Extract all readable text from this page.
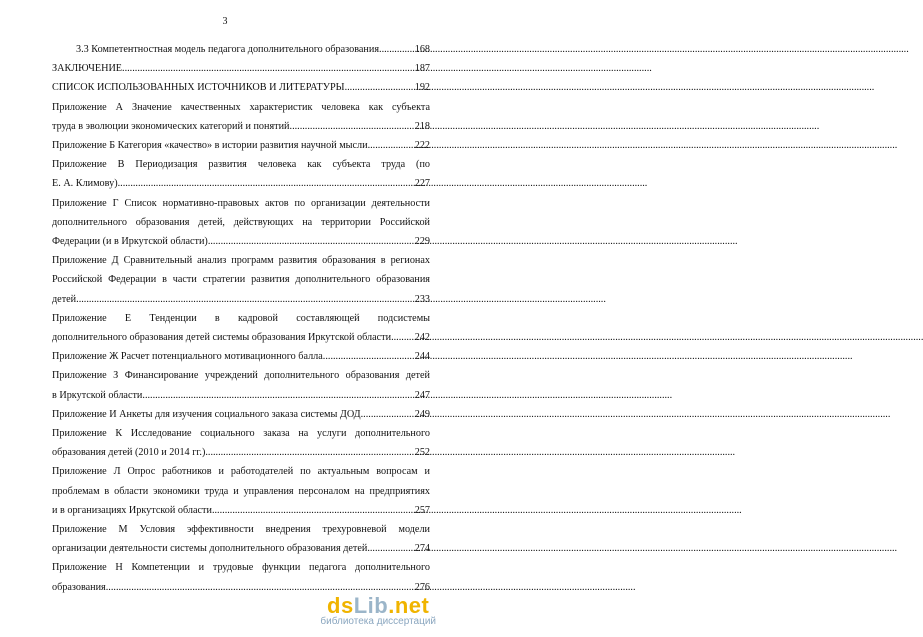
3
3.3 Компетентностная модель педагога дополнительного образования .....	168
ЗАКЛЮЧЕНИЕ .....	187
СПИСОК ИСПОЛЬЗОВАННЫХ ИСТОЧНИКОВ И ЛИТЕРАТУРЫ .....	192
Приложение А Значение качественных характеристик человека как субъекта
труда в эволюции экономических категорий и понятий .....	218
Приложение Б Категория «качество» в истории развития научной мысли .....	222
Приложение В Периодизация развития человека как субъекта труда (по
Е. А. Климову) .....	227
Приложение Г Список нормативно-правовых актов по организации деятельности
дополнительного образования детей, действующих на территории Российской
Федерации (и в Иркутской области) .....	229
Приложение Д Сравнительный анализ программ развития образования в регионах
Российской Федерации в части стратегии развития дополнительного образования
детей .....	233
Приложение Е Тенденции в кадровой составляющей подсистемы
дополнительного образования детей системы образования Иркутской области. ..... 242
Приложение Ж Расчет потенциального мотивационного балла .....	244
Приложение З Финансирование учреждений дополнительного образования детей
в Иркутской области .....	247
Приложение И Анкеты для изучения социального заказа системы ДОД .....	249
Приложение К Исследование социального заказа на услуги дополнительного
образования детей (2010 и 2014 гг.) .....	252
Приложение Л Опрос работников и работодателей по актуальным вопросам и
проблемам в области экономики труда и управления персоналом на предприятиях
и в организациях Иркутской области .....	257
Приложение М Условия эффективности внедрения трехуровневой модели
организации деятельности системы дополнительного образования детей .....	274
Приложение Н Компетенции и трудовые функции педагога дополнительного
образования .....	276
dsLib.net
библиотека диссертаций
